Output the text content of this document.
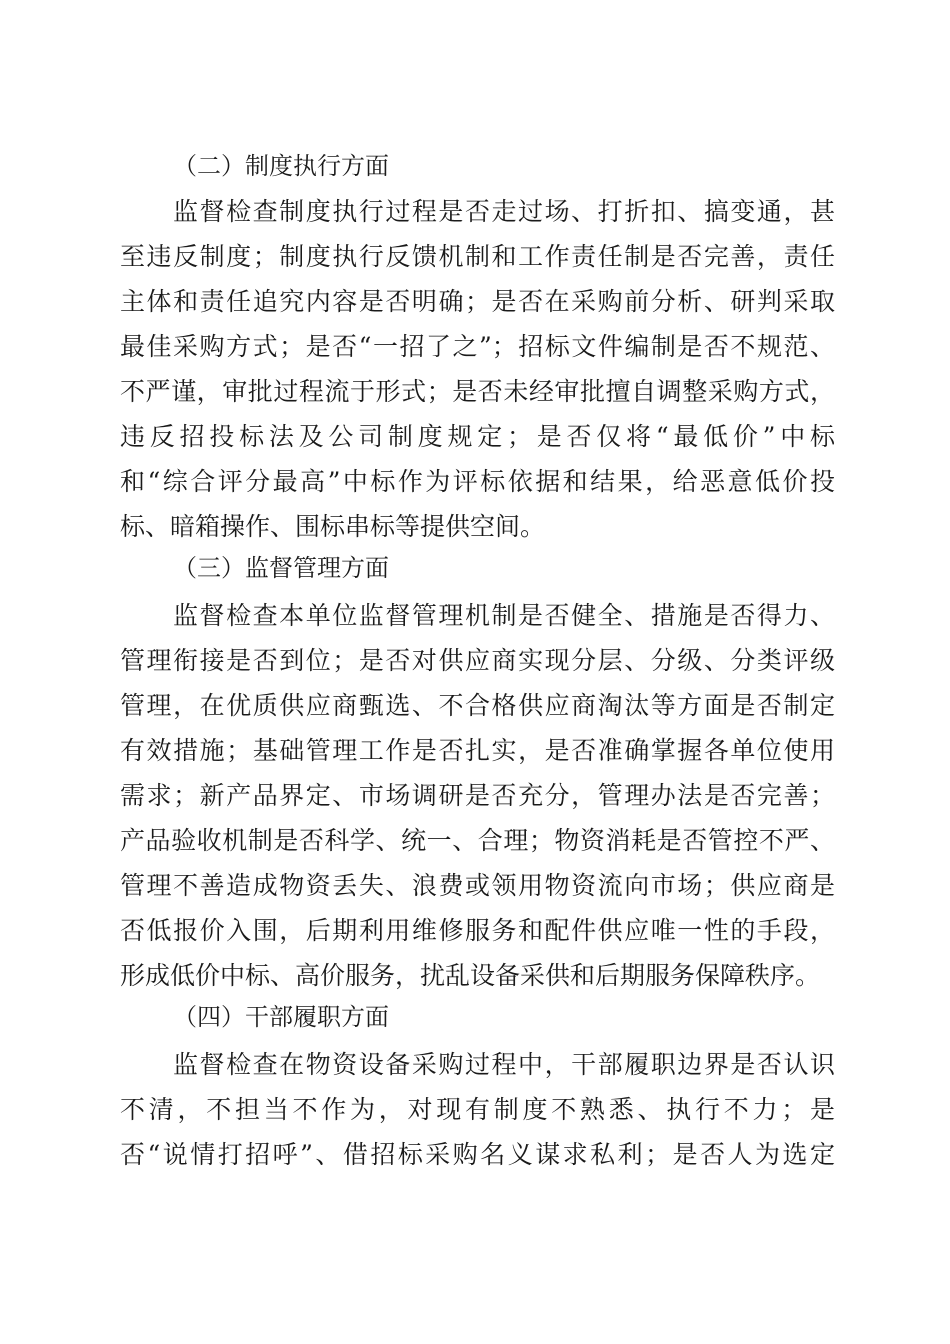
（二）制度执行方面
监督检查制度执行过程是否走过场、打折扣、搞变通，甚
至违反制度；制度执行反馈机制和工作责任制是否完善，责任
主体和责任追究内容是否明确；是否在采购前分析、研判采取
最佳采购方式；是否“一招了之”；招标文件编制是否不规范、
不严谨，审批过程流于形式；是否未经审批擅自调整采购方式，
违反招投标法及公司制度规定；是否仅将“最低价”中标
和“综合评分最高”中标作为评标依据和结果，给恶意低价投
标、暗箱操作、围标串标等提供空间。
（三）监督管理方面
监督检查本单位监督管理机制是否健全、措施是否得力、
管理衔接是否到位；是否对供应商实现分层、分级、分类评级
管理，在优质供应商甄选、不合格供应商淘汰等方面是否制定
有效措施；基础管理工作是否扎实，是否准确掌握各单位使用
需求；新产品界定、市场调研是否充分，管理办法是否完善；
产品验收机制是否科学、统一、合理；物资消耗是否管控不严、
管理不善造成物资丢失、浪费或领用物资流向市场；供应商是
否低报价入围，后期利用维修服务和配件供应唯一性的手段，
形成低价中标、高价服务，扰乱设备采供和后期服务保障秩序。
（四）干部履职方面
监督检查在物资设备采购过程中，干部履职边界是否认识
不清，不担当不作为，对现有制度不熟悉、执行不力；是
否“说情打招呼”、借招标采购名义谋求私利；是否人为选定
